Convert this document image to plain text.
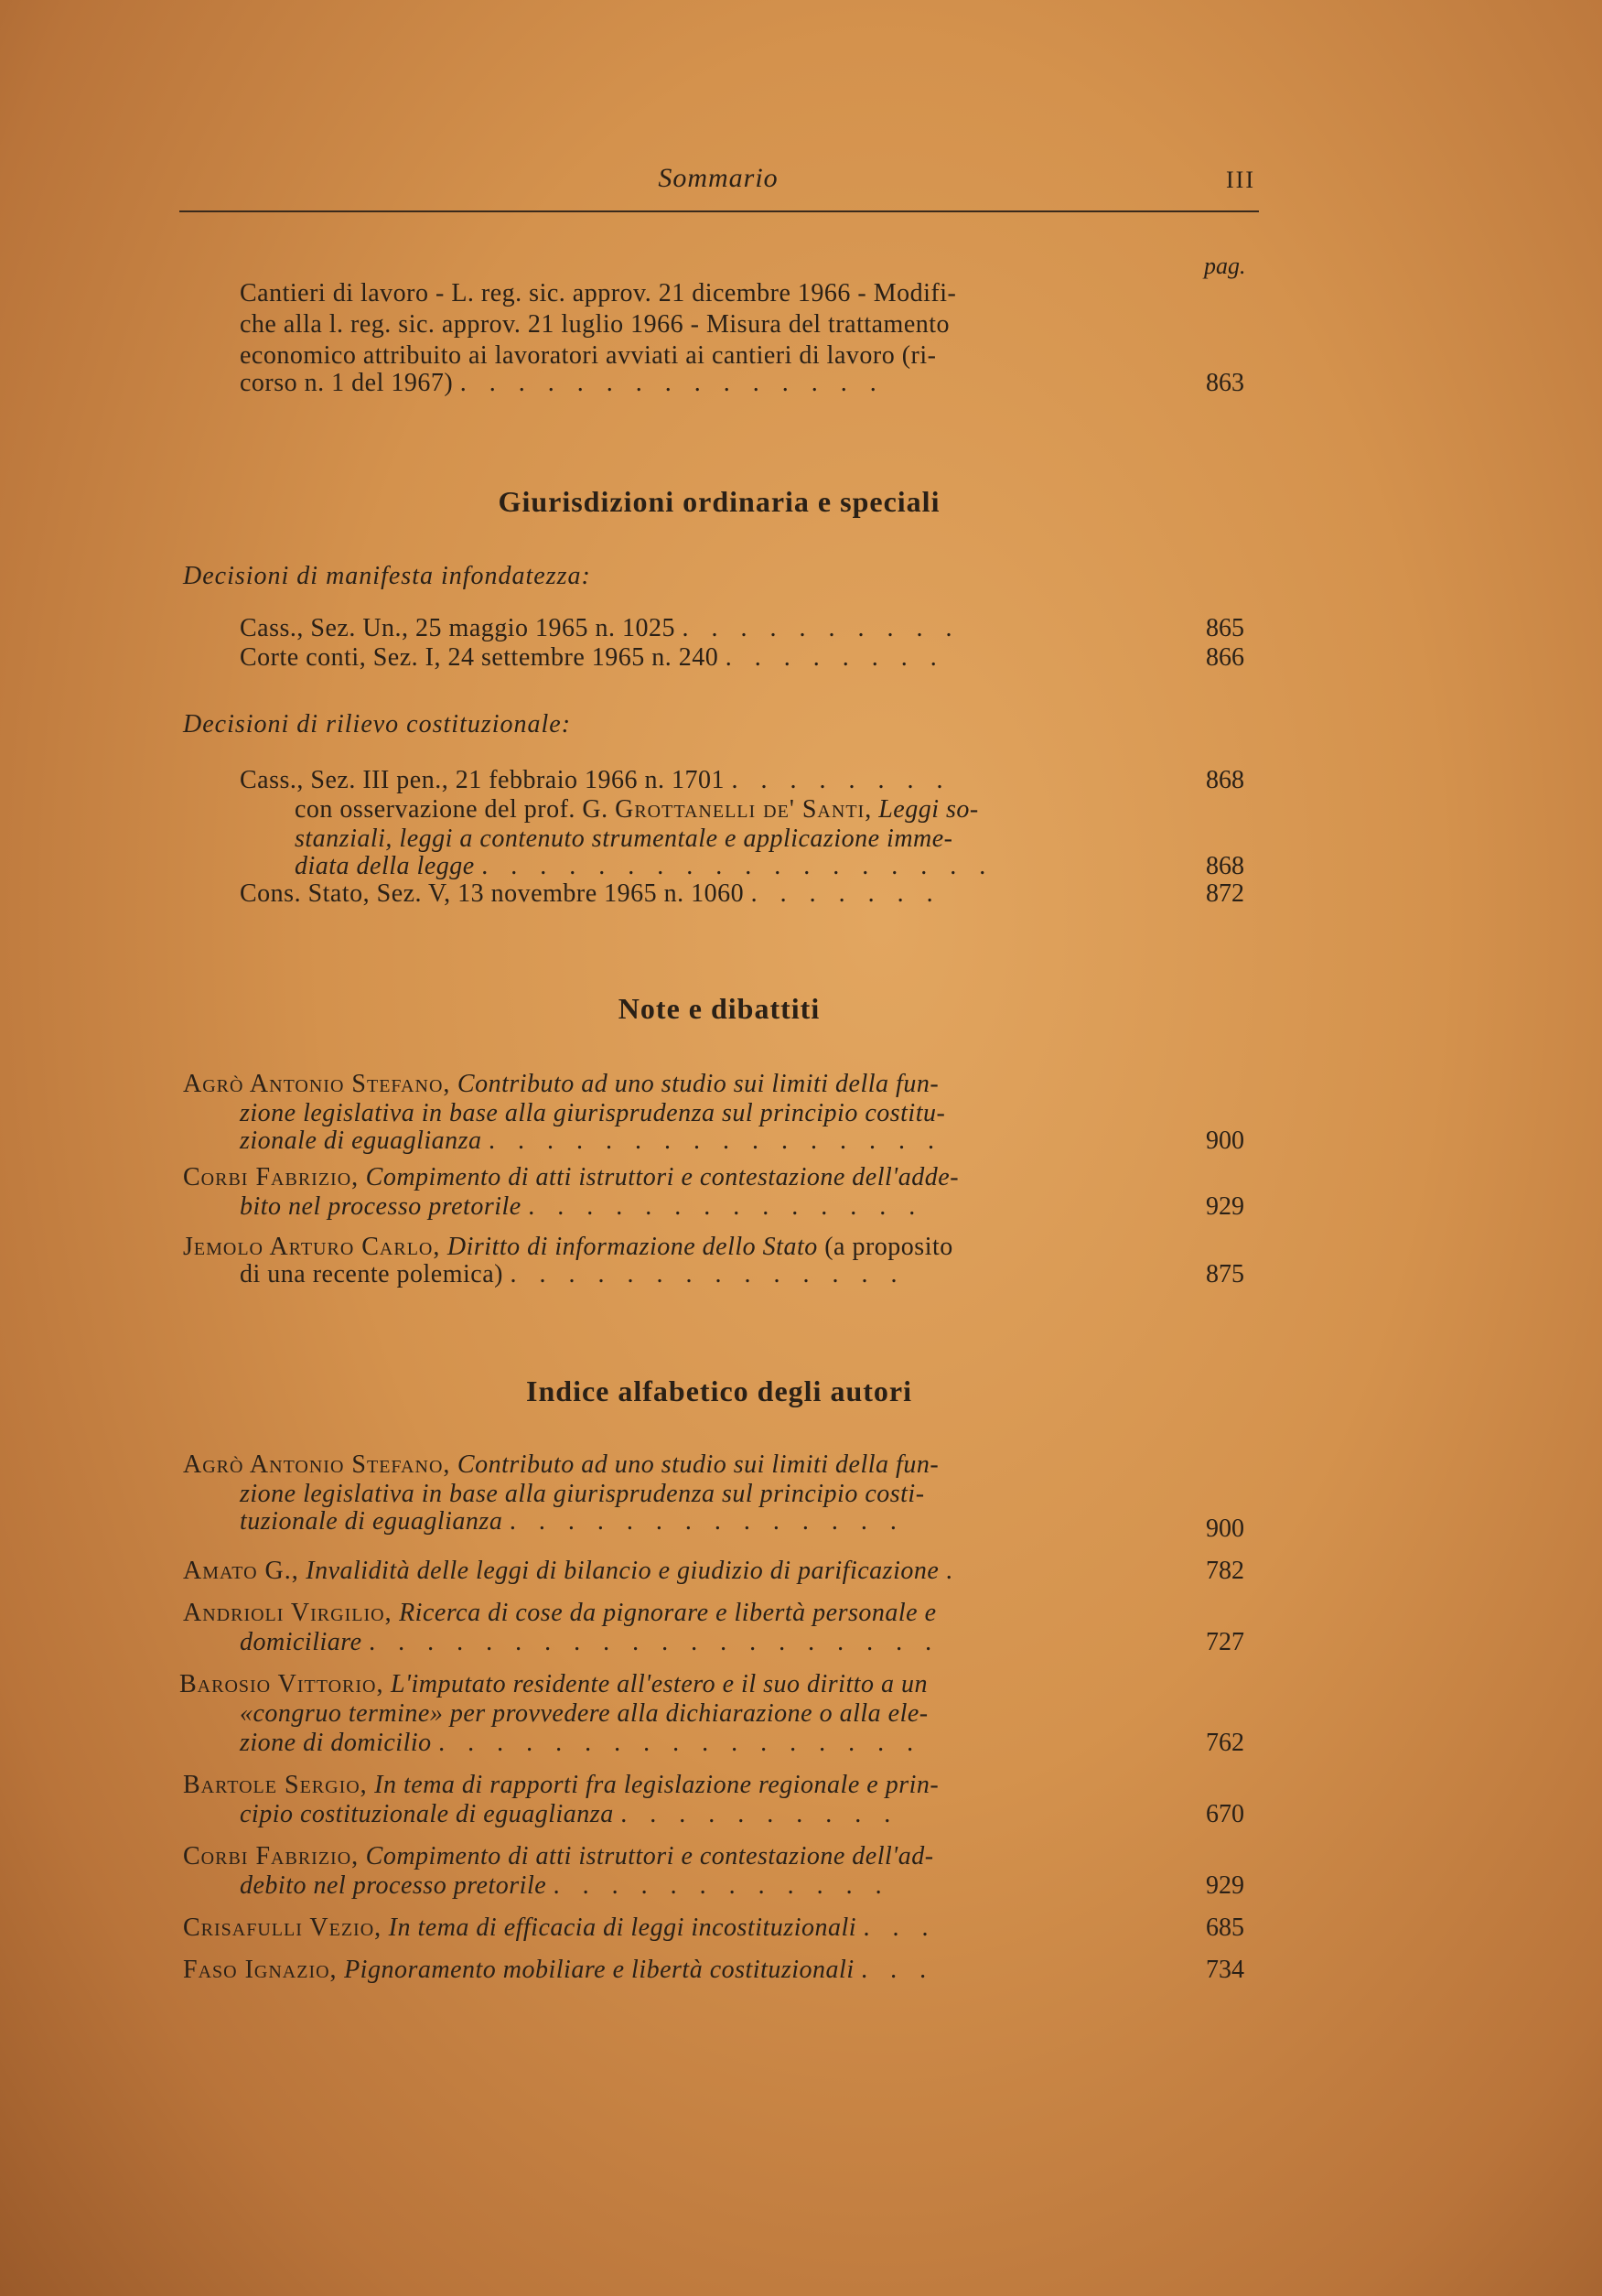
Sommario	III
pag.
Cantieri di lavoro - L. reg. sic. approv. 21 dicembre 1966 - Modifi-
che alla l. reg. sic. approv. 21 luglio 1966 - Misura del trattamento
economico attribuito ai lavoratori avviati ai cantieri di lavoro (ri-
corso n. 1 del 1967) . . . . . . . . . . . . . . .	863
Giurisdizioni ordinaria e speciali
Decisioni di manifesta infondatezza:
Cass., Sez. Un., 25 maggio 1965 n. 1025 . . . . . . . . . .	865
Corte conti, Sez. I, 24 settembre 1965 n. 240 . . . . . . . .	866
Decisioni di rilievo costituzionale:
Cass., Sez. III pen., 21 febbraio 1966 n. 1701 . . . . . . . .	868
con osservazione del prof. G. Grottanelli de' Santi, Leggi so-
stanziali, leggi a contenuto strumentale e applicazione imme-
diata della legge . . . . . . . . . . . . . . . . . .	868
Cons. Stato, Sez. V, 13 novembre 1965 n. 1060 . . . . . . .	872
Note e dibattiti
Agrò Antonio Stefano, Contributo ad uno studio sui limiti della fun-
zione legislativa in base alla giurisprudenza sul principio costitu-
zionale di eguaglianza . . . . . . . . . . . . . . . .	900
Corbi Fabrizio, Compimento di atti istruttori e contestazione dell'adde-
bito nel processo pretorile . . . . . . . . . . . . . .	929
Jemolo Arturo Carlo, Diritto di informazione dello Stato (a proposito
di una recente polemica) . . . . . . . . . . . . . .	875
Indice alfabetico degli autori
Agrò Antonio Stefano, Contributo ad uno studio sui limiti della fun-
zione legislativa in base alla giurisprudenza sul principio costi-
tuzionale di eguaglianza . . . . . . . . . . . . . .	900
Amato G., Invalidità delle leggi di bilancio e giudizio di parificazione .	782
Andrioli Virgilio, Ricerca di cose da pignorare e libertà personale e
domiciliare . . . . . . . . . . . . . . . . . . . .	727
Barosio Vittorio, L'imputato residente all'estero e il suo diritto a un
«congruo termine» per provvedere alla dichiarazione o alla ele-
zione di domicilio . . . . . . . . . . . . . . . . .	762
Bartole Sergio, In tema di rapporti fra legislazione regionale e prin-
cipio costituzionale di eguaglianza . . . . . . . . . .	670
Corbi Fabrizio, Compimento di atti istruttori e contestazione dell'ad-
debito nel processo pretorile . . . . . . . . . . . .	929
Crisafulli Vezio, In tema di efficacia di leggi incostituzionali . . .	685
Faso Ignazio, Pignoramento mobiliare e libertà costituzionali . . .	734
